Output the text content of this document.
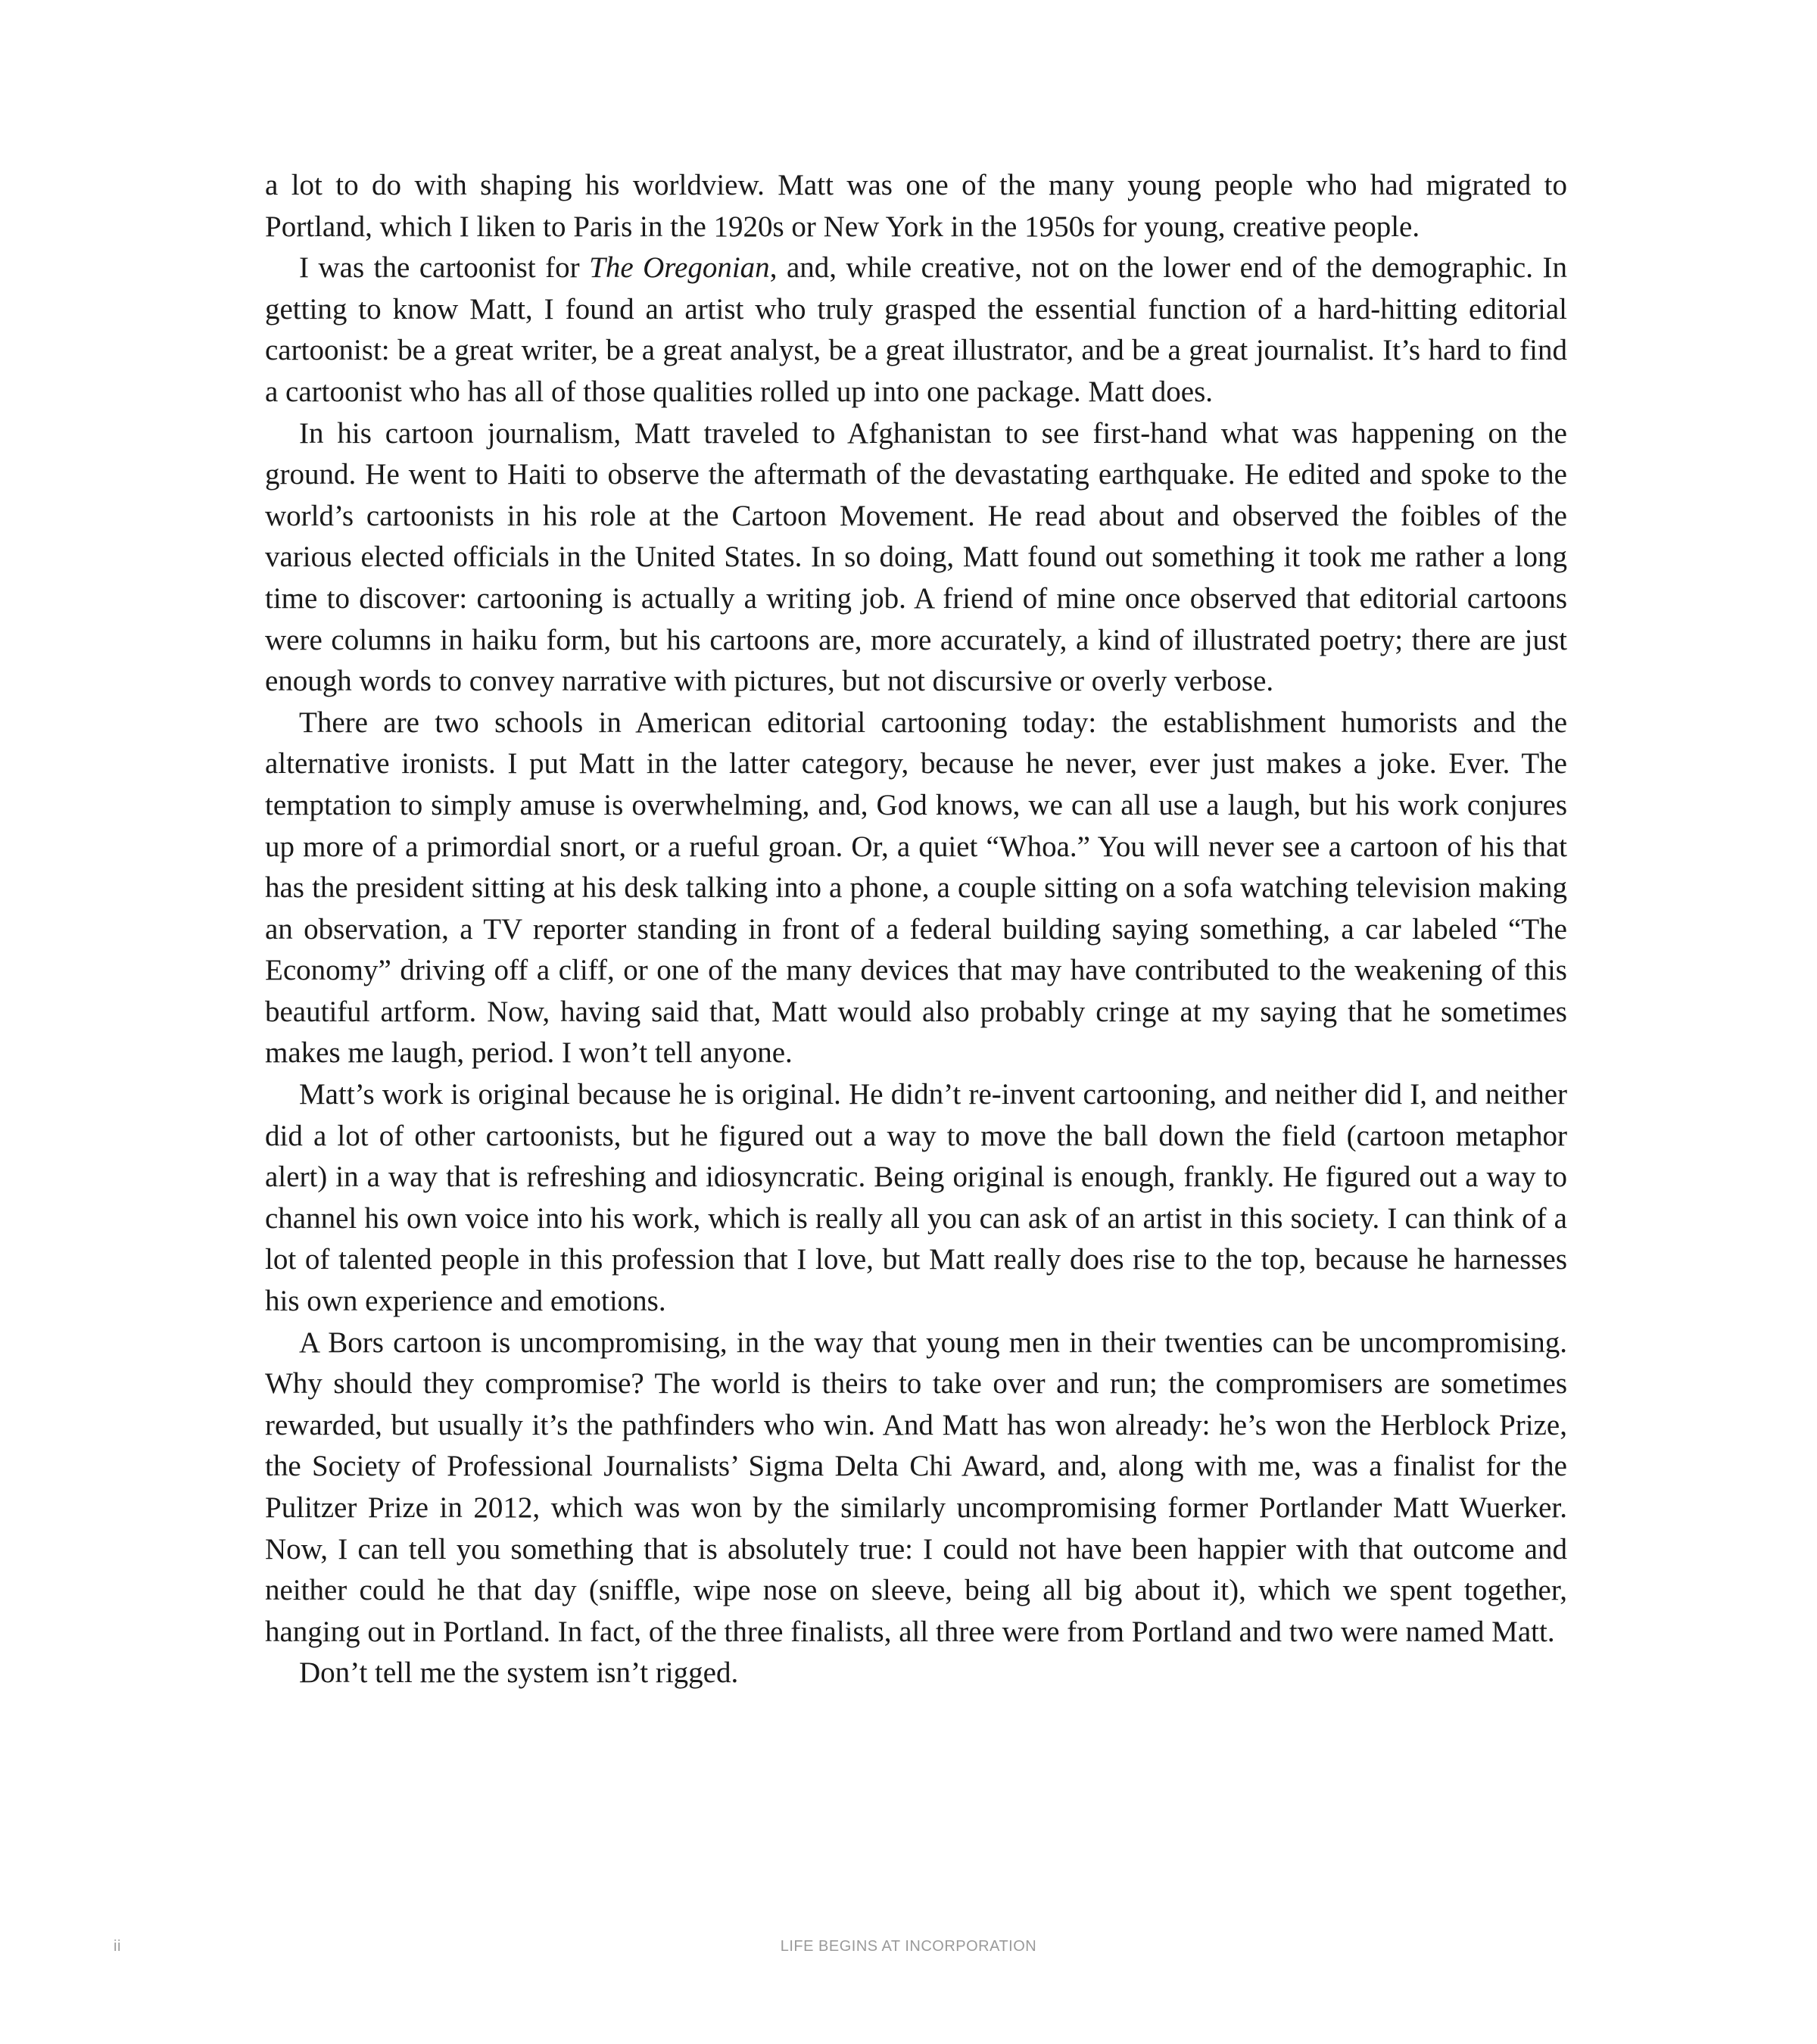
a lot to do with shaping his worldview. Matt was one of the many young people who had migrated to Portland, which I liken to Paris in the 1920s or New York in the 1950s for young, creative people.

I was the cartoonist for The Oregonian, and, while creative, not on the lower end of the demographic. In getting to know Matt, I found an artist who truly grasped the essential function of a hard-hitting editorial cartoonist: be a great writer, be a great analyst, be a great illustrator, and be a great journalist. It’s hard to find a cartoonist who has all of those qualities rolled up into one package. Matt does.

In his cartoon journalism, Matt traveled to Afghanistan to see first-hand what was happening on the ground. He went to Haiti to observe the aftermath of the devastating earthquake. He edited and spoke to the world’s cartoonists in his role at the Cartoon Movement. He read about and observed the foibles of the various elected officials in the United States. In so doing, Matt found out something it took me rather a long time to discover: cartooning is actually a writing job. A friend of mine once observed that editorial cartoons were columns in haiku form, but his cartoons are, more accurately, a kind of illustrated poetry; there are just enough words to convey narrative with pictures, but not discursive or overly verbose.

There are two schools in American editorial cartooning today: the establishment humorists and the alternative ironists. I put Matt in the latter category, because he never, ever just makes a joke. Ever. The temptation to simply amuse is overwhelming, and, God knows, we can all use a laugh, but his work conjures up more of a primordial snort, or a rueful groan. Or, a quiet “Whoa.” You will never see a cartoon of his that has the president sitting at his desk talking into a phone, a couple sitting on a sofa watching television making an observation, a TV reporter standing in front of a federal building saying something, a car labeled “The Economy” driving off a cliff, or one of the many devices that may have contributed to the weakening of this beautiful artform. Now, having said that, Matt would also probably cringe at my saying that he sometimes makes me laugh, period. I won’t tell anyone.

Matt’s work is original because he is original. He didn’t re-invent cartooning, and neither did I, and neither did a lot of other cartoonists, but he figured out a way to move the ball down the field (cartoon metaphor alert) in a way that is refreshing and idiosyncratic. Being original is enough, frankly. He figured out a way to channel his own voice into his work, which is really all you can ask of an artist in this society. I can think of a lot of talented people in this profession that I love, but Matt really does rise to the top, because he harnesses his own experience and emotions.

A Bors cartoon is uncompromising, in the way that young men in their twenties can be uncompromising. Why should they compromise? The world is theirs to take over and run; the compromisers are sometimes rewarded, but usually it’s the pathfinders who win. And Matt has won already: he’s won the Herblock Prize, the Society of Professional Journalists’ Sigma Delta Chi Award, and, along with me, was a finalist for the Pulitzer Prize in 2012, which was won by the similarly uncompromising former Portlander Matt Wuerker. Now, I can tell you something that is absolutely true: I could not have been happier with that outcome and neither could he that day (sniffle, wipe nose on sleeve, being all big about it), which we spent together, hanging out in Portland. In fact, of the three finalists, all three were from Portland and two were named Matt.

Don’t tell me the system isn’t rigged.

ii	LIFE BEGINS AT INCORPORATION
